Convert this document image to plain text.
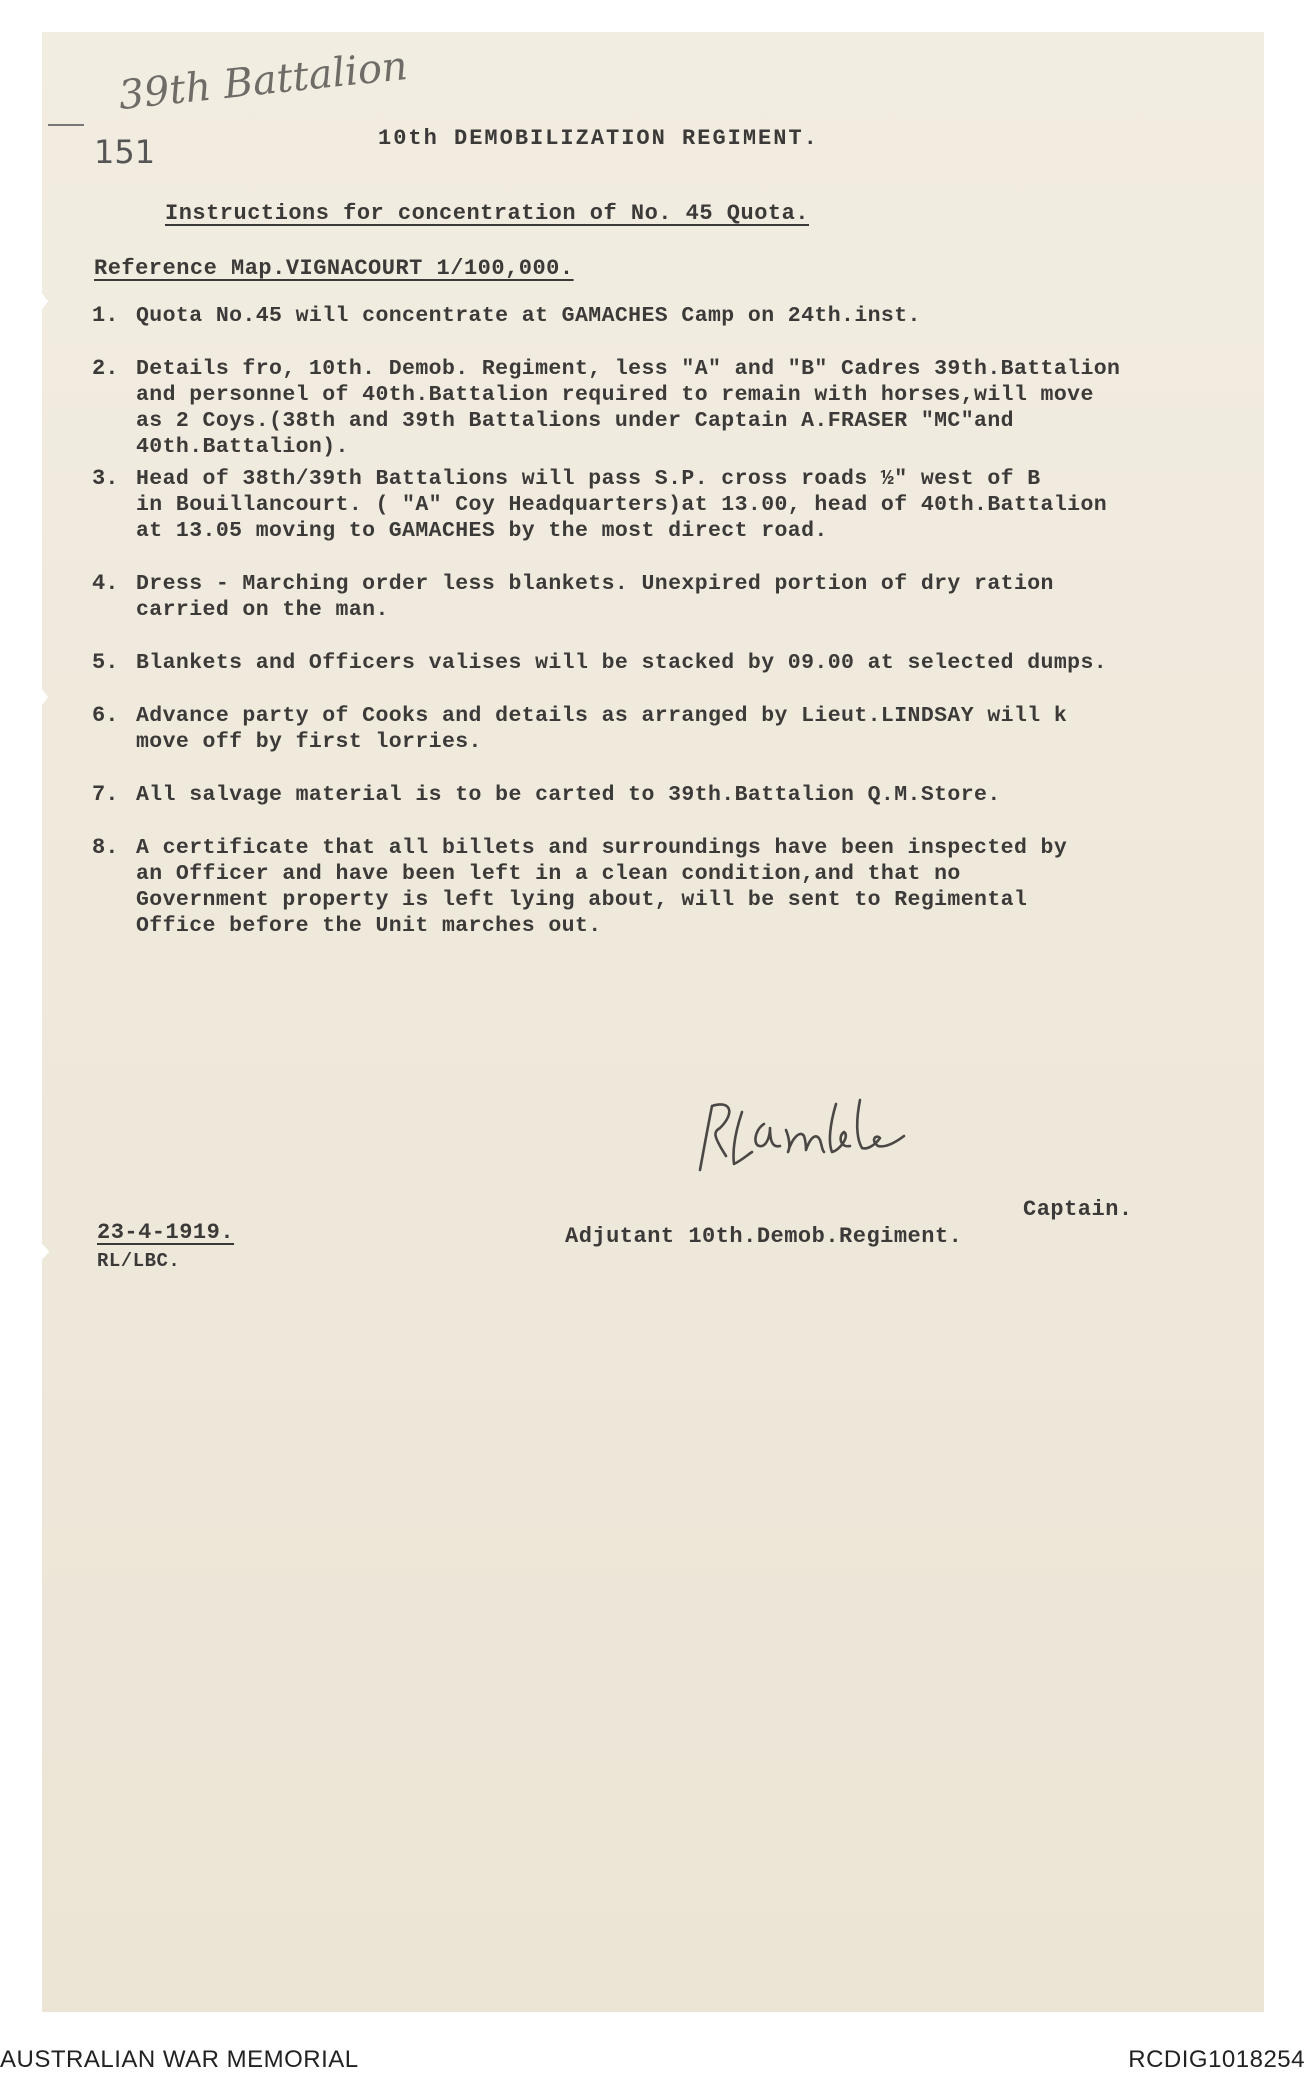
39th Battalion
151	10th DEMOBILIZATION REGIMENT.
Instructions for concentration of No. 45 Quota.
Reference Map.VIGNACOURT 1/100,000.
1. Quota No.45 will concentrate at GAMACHES Camp on 24th.inst.
2. Details fro, 10th. Demob. Regiment, less "A" and "B" Cadres 39th.Battalion
and personnel of 40th.Battalion required to remain with horses,will move
as 2 Coys.(38th and 39th Battalions under Captain A.FRASER "MC"and
40th.Battalion).
3. Head of 38th/39th Battalions will pass S.P. cross roads ½" west of B
in Bouillancourt. ( "A" Coy Headquarters)at 13.00, head of 40th.Battalion
at 13.05 moving to GAMACHES by the most direct road.
4. Dress - Marching order less blankets. Unexpired portion of dry ration
carried on the man.
5. Blankets and Officers valises will be stacked by 09.00 at selected dumps.
6. Advance party of Cooks and details as arranged by Lieut.LINDSAY will k
move off by first lorries.
7. All salvage material is to be carted to 39th.Battalion Q.M.Store.
8. A certificate that all billets and surroundings have been inspected by
an Officer and have been left in a clean condition,and that no
Government property is left lying about, will be sent to Regimental
Office before the Unit marches out.
Captain.
Adjutant 10th.Demob.Regiment.
23-4-1919.
RL/LBC.
AUSTRALIAN WAR MEMORIAL	RCDIG1018254
